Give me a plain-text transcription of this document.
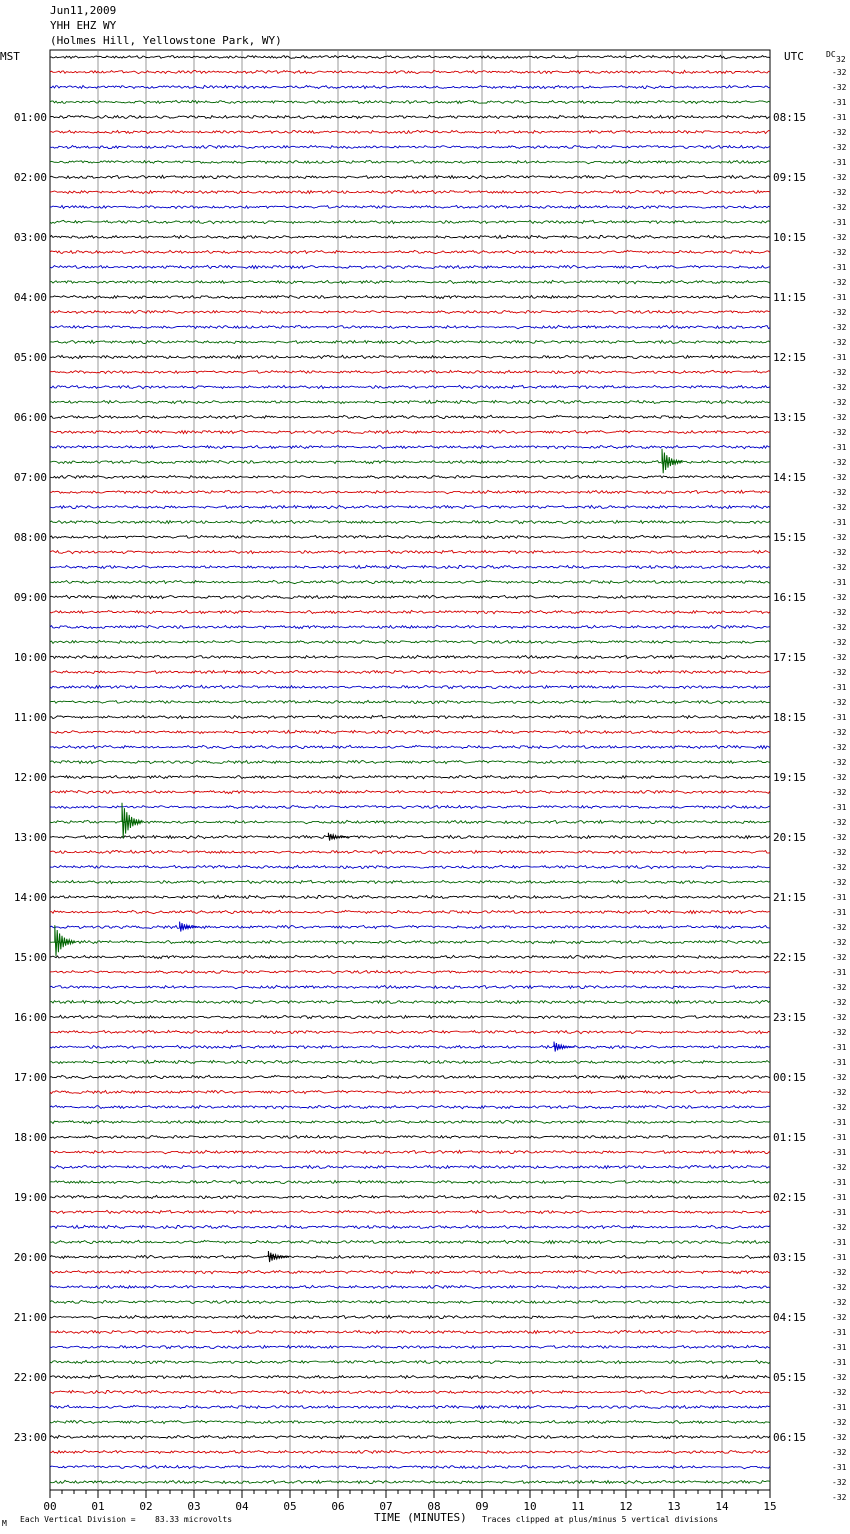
Jun11,2009
YHH EHZ WY
(Holmes Hill, Yellowstone Park, WY)
MST	UTC	DC
32
00	01	02	03	04	05	06	07	08	09	10	11	12	13	14	15
01:00
02:00
03:00
04:00
05:00
06:00
07:00
08:00
09:00
10:00
11:00
12:00
13:00
14:00
15:00
16:00
17:00
18:00
19:00
20:00
21:00
22:00
23:00
08:15
09:15
10:15
11:15
12:15
13:15
14:15
15:15
16:15
17:15
18:15
19:15
20:15
21:15
22:15
23:15
00:15
01:15
02:15
03:15
04:15
05:15
06:15
-32
-32
-31
-31
-32
-32
-31
-32
-32
-32
-31
-32
-32
-31
-32
-31
-32
-32
-32
-31
-32
-32
-32
-32
-32
-31
-32
-32
-32
-32
-31
-32
-32
-32
-31
-32
-32
-32
-32
-32
-32
-31
-32
-31
-32
-32
-32
-32
-32
-31
-32
-32
-32
-32
-32
-31
-31
-32
-32
-32
-31
-32
-32
-32
-32
-31
-31
-32
-32
-32
-31
-31
-31
-32
-31
-31
-31
-32
-31
-31
-32
-32
-32
-32
-31
-31
-31
-32
-32
-31
-32
-32
-32
-31
-32
-32
M Each Vertical Division = 83.33 microvolts	TIME (MINUTES) Traces clipped at plus/minus 5 vertical divisions
